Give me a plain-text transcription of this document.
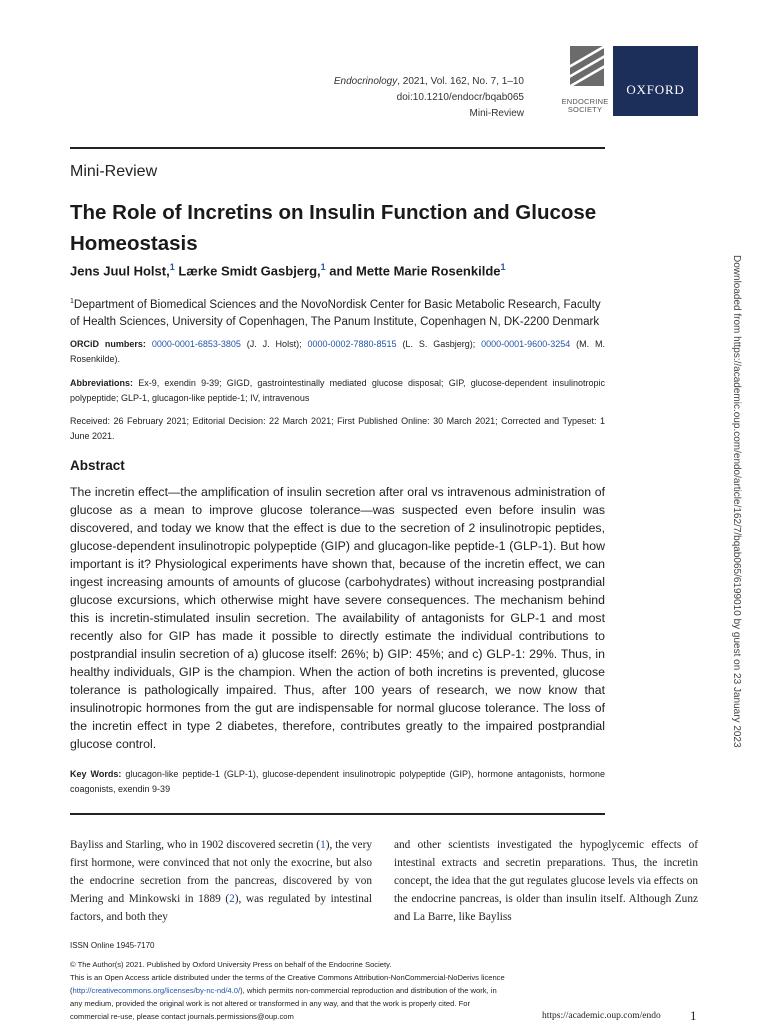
Endocrinology, 2021, Vol. 162, No. 7, 1–10
doi:10.1210/endocr/bqab065
Mini-Review
ENDOCRINE SOCIETY
OXFORD
Mini-Review
The Role of Incretins on Insulin Function and Glucose Homeostasis
Jens Juul Holst,$^1$ Lærke Smidt Gasbjerg,$^1$ and Mette Marie Rosenkilde$^1$
$^1$Department of Biomedical Sciences and the NovoNordisk Center for Basic Metabolic Research, Faculty of Health Sciences, University of Copenhagen, The Panum Institute, Copenhagen N, DK-2200 Denmark
ORCiD numbers: 0000-0001-6853-3805 (J. J. Holst); 0000-0002-7880-8515 (L. S. Gasbjerg); 0000-0001-9600-3254 (M. M. Rosenkilde).
Abbreviations: Ex-9, exendin 9-39; GIGD, gastrointestinally mediated glucose disposal; GIP, glucose-dependent insulinotropic polypeptide; GLP-1, glucagon-like peptide-1; IV, intravenous
Received: 26 February 2021; Editorial Decision: 22 March 2021; First Published Online: 30 March 2021; Corrected and Typeset: 1 June 2021.
Abstract
The incretin effect—the amplification of insulin secretion after oral vs intravenous administration of glucose as a mean to improve glucose tolerance—was suspected even before insulin was discovered, and today we know that the effect is due to the secretion of 2 insulinotropic peptides, glucose-dependent insulinotropic polypeptide (GIP) and glucagon-like peptide-1 (GLP-1). But how important is it? Physiological experiments have shown that, because of the incretin effect, we can ingest increasing amounts of amounts of glucose (carbohydrates) without increasing postprandial glucose excursions, which otherwise might have severe consequences. The mechanism behind this is incretin-stimulated insulin secretion. The availability of antagonists for GLP-1 and most recently also for GIP has made it possible to directly estimate the individual contributions to postprandial insulin secretion of a) glucose itself: 26%; b) GIP: 45%; and c) GLP-1: 29%. Thus, in healthy individuals, GIP is the champion. When the action of both incretins is prevented, glucose tolerance is pathologically impaired. Thus, after 100 years of research, we now know that insulinotropic hormones from the gut are indispensable for normal glucose tolerance. The loss of the incretin effect in type 2 diabetes, therefore, contributes greatly to the impaired postprandial glucose control.
Key Words: glucagon-like peptide-1 (GLP-1), glucose-dependent insulinotropic polypeptide (GIP), hormone antagonists, hormone coagonists, exendin 9-39
Bayliss and Starling, who in 1902 discovered secretin (1), the very first hormone, were convinced that not only the exocrine, but also the endocrine secretion from the pancreas, discovered by von Mering and Minkowski in 1889 (2), was regulated by intestinal factors, and both they
and other scientists investigated the hypoglycemic effects of intestinal extracts and secretin preparations. Thus, the incretin concept, the idea that the gut regulates glucose levels via effects on the endocrine pancreas, is older than insulin itself. Although Zunz and La Barre, like Bayliss
ISSN Online 1945-7170
© The Author(s) 2021. Published by Oxford University Press on behalf of the Endocrine Society.
This is an Open Access article distributed under the terms of the Creative Commons Attribution-NonCommercial-NoDerivs licence (http://creativecommons.org/licenses/by-nc-nd/4.0/), which permits non-commercial reproduction and distribution of the work, in any medium, provided the original work is not altered or transformed in any way, and that the work is properly cited. For commercial re-use, please contact journals.permissions@oup.com	https://academic.oup.com/endo 1
Downloaded from https://academic.oup.com/endo/article/162/7/bqab065/6199010 by guest on 23 January 2023
